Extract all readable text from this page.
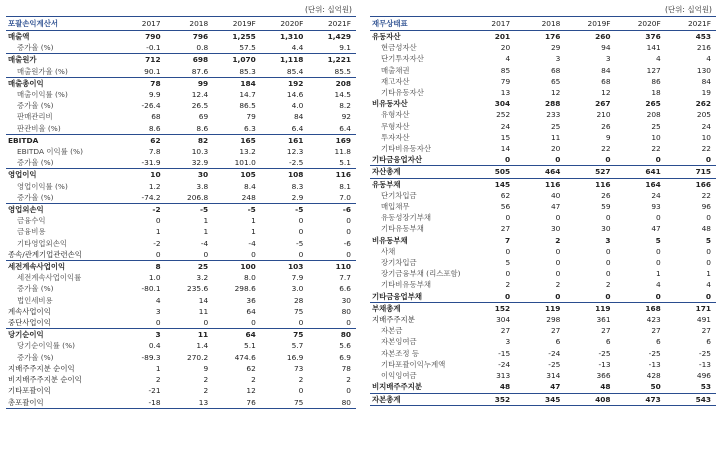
(단위: 십억원)
포괄손익계산서	2017	2018	2019F	2020F	2021F
매출액	790	796	1,255	1,310	1,429
증가율 (%)	-0.1	0.8	57.5	4.4	9.1
매출원가	712	698	1,070	1,118	1,221
매출원가율 (%)	90.1	87.6	85.3	85.4	85.5
매출총이익	78	99	184	192	208
매출이익률 (%)	9.9	12.4	14.7	14.6	14.5
증가율 (%)	-26.4	26.5	86.5	4.0	8.2
판매관리비	68	69	79	84	92
판관비율 (%)	8.6	8.6	6.3	6.4	6.4
EBITDA	62	82	165	161	169
EBITDA 이익률 (%)	7.8	10.3	13.2	12.3	11.8
증가율 (%)	-31.9	32.9	101.0	-2.5	5.1
영업이익	10	30	105	108	116
영업이익률 (%)	1.2	3.8	8.4	8.3	8.1
증가율 (%)	-74.2	206.8	248	2.9	7.0
영업외손익	-2	-5	-5	-5	-6
금융수익	0	1	1	0	0
금융비용	1	1	1	0	0
기타영업외손익	-2	-4	-4	-5	-6
종속/관계기업관련손익	0	0	0	0	0
세전계속사업이익	8	25	100	103	110
세전계속사업이익률	1.0	3.2	8.0	7.9	7.7
증가율 (%)	-80.1	235.6	298.6	3.0	6.6
법인세비용	4	14	36	28	30
계속사업이익	3	11	64	75	80
중단사업이익	0	0	0	0	0
당기순이익	3	11	64	75	80
당기순이익률 (%)	0.4	1.4	5.1	5.7	5.6
증가율 (%)	-89.3	270.2	474.6	16.9	6.9
지배주주지분 순이익	1	9	62	73	78
비지배주주지분 순이익	2	2	2	2	2
기타포괄이익	-21	2	12	0	0
총포괄이익	-18	13	76	75	80
(단위: 십억원)
재무상태표	2017	2018	2019F	2020F	2021F
유동자산	201	176	260	376	453
현금성자산	20	29	94	141	216
단기투자자산	4	3	3	4	4
매출채권	85	68	84	127	130
재고자산	79	65	68	86	84
기타유동자산	13	12	12	18	19
비유동자산	304	288	267	265	262
유형자산	252	233	210	208	205
무형자산	24	25	26	25	24
투자자산	15	11	9	10	10
기타비유동자산	14	20	22	22	22
기타금융업자산	0	0	0	0	0
자산총계	505	464	527	641	715
유동부채	145	116	116	164	166
단기차입금	62	40	26	24	22
매입채무	56	47	59	93	96
유동성장기부채	0	0	0	0	0
기타유동부채	27	30	30	47	48
비유동부채	7	2	3	5	5
사채	0	0	0	0	0
장기차입금	5	0	0	0	0
장기금융부채 (리스포함)	0	0	0	1	1
기타비유동부채	2	2	2	4	4
기타금융업부채	0	0	0	0	0
부채총계	152	119	119	168	171
지배주주지분	304	298	361	423	491
자본금	27	27	27	27	27
자본잉여금	3	6	6	6	6
자본조정 등	-15	-24	-25	-25	-25
기타포괄이익누계액	-24	-25	-13	-13	-13
이익잉여금	313	314	366	428	496
비지배주주지분	48	47	48	50	53
자본총계	352	345	408	473	543
